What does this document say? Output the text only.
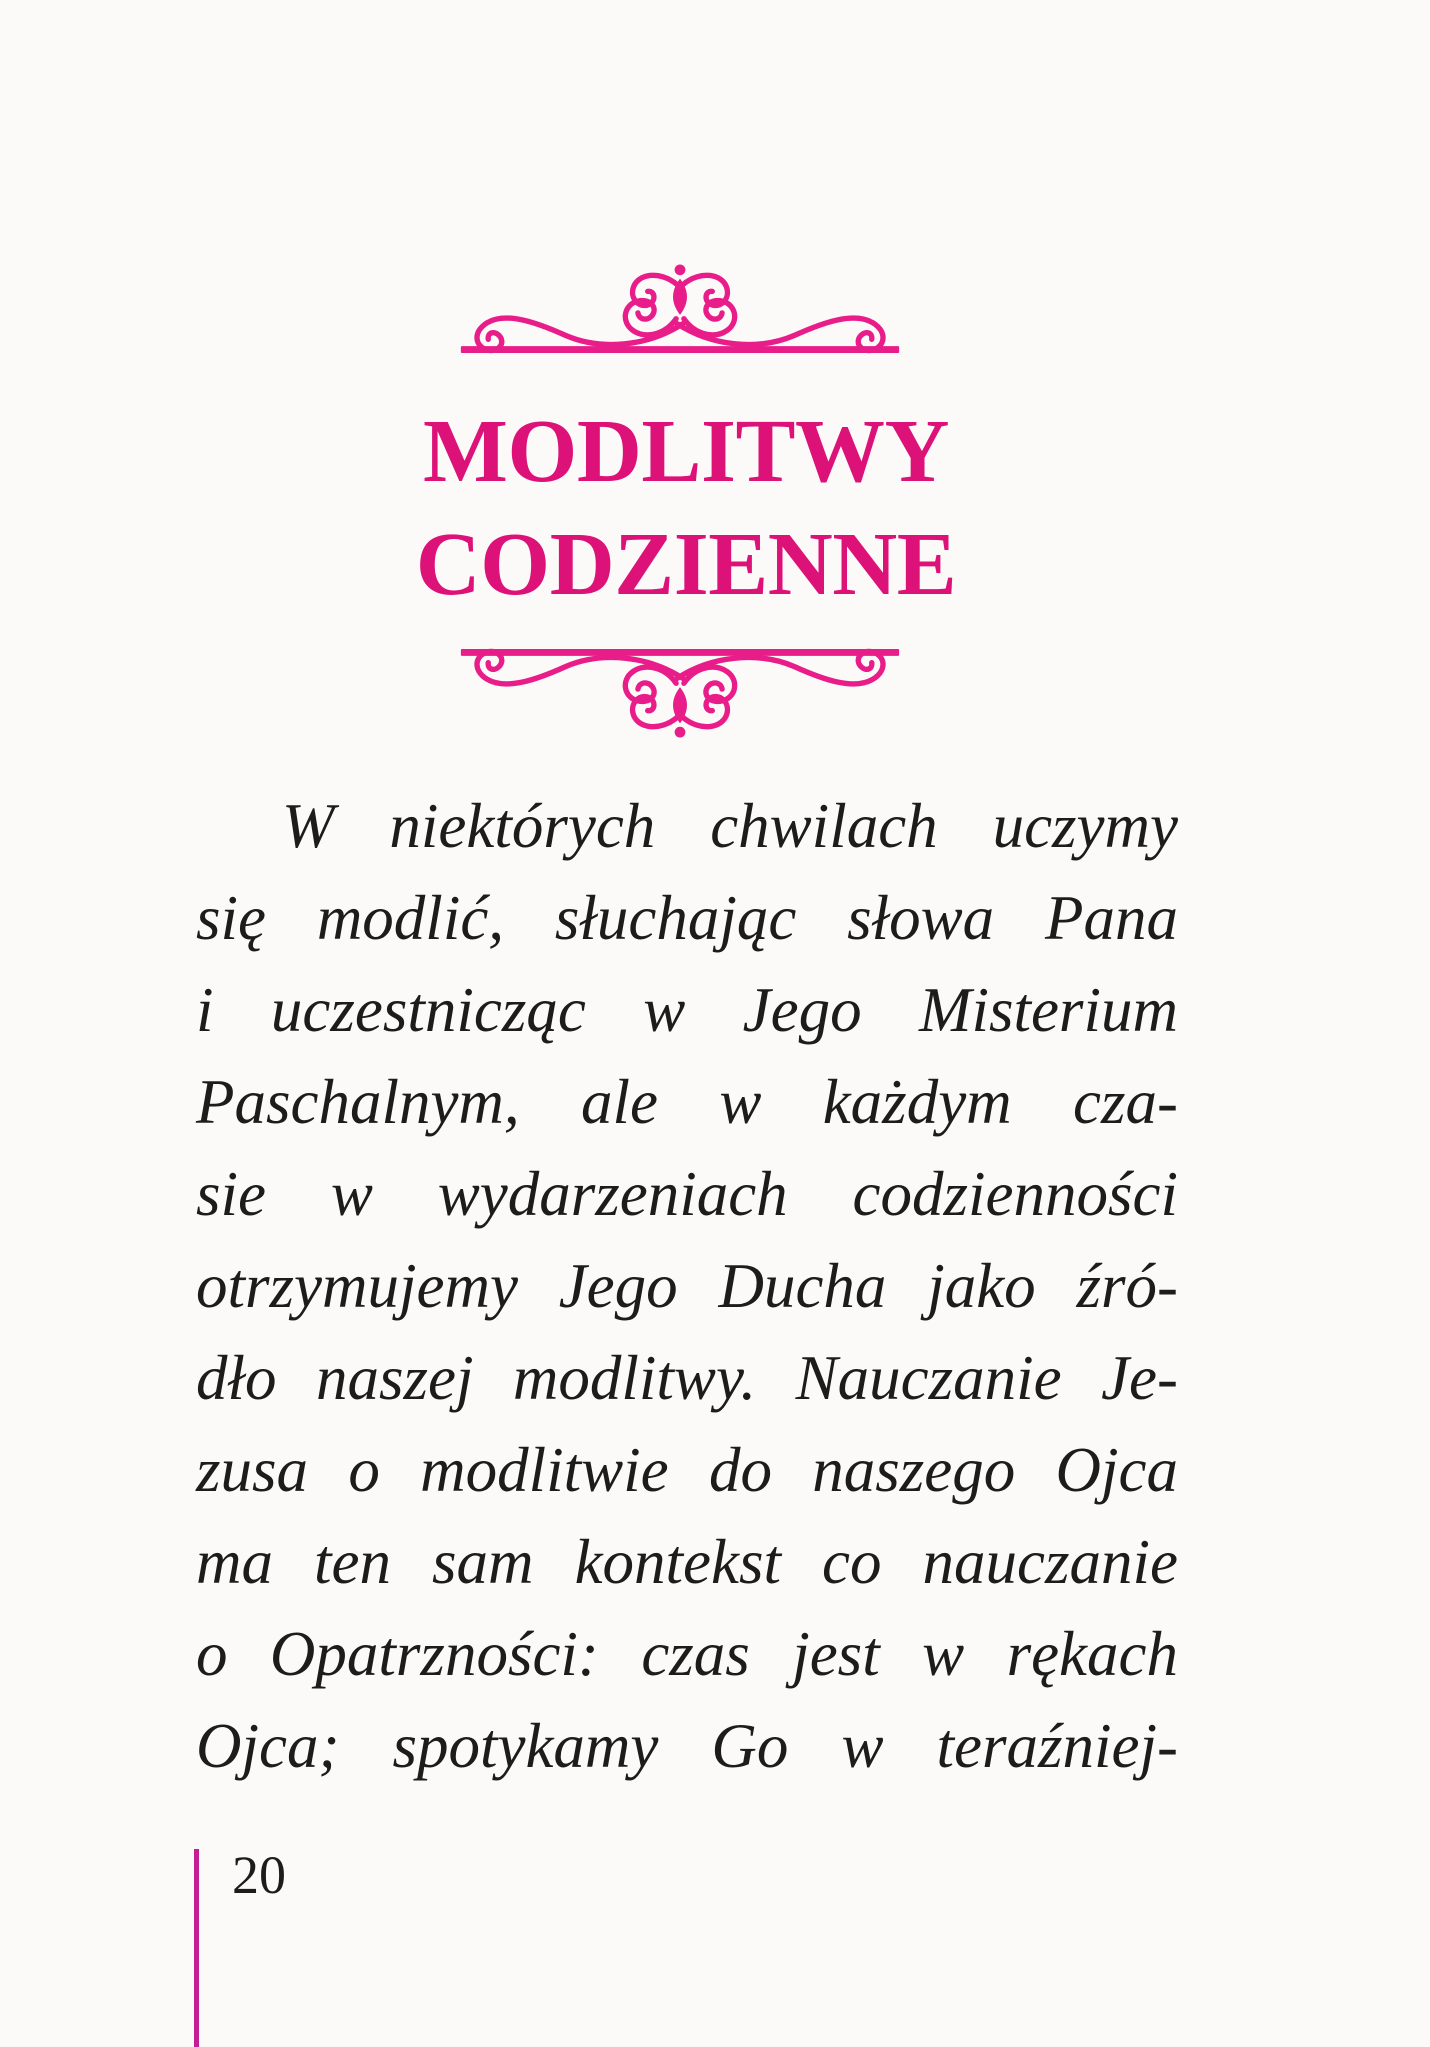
MODLITWY
CODZIENNE
W niektórych chwilach uczymy
się modlić, słuchając słowa Pana
i uczestnicząc w Jego Misterium
Paschalnym, ale w każdym cza-
sie w wydarzeniach codzienności
otrzymujemy Jego Ducha jako źró-
dło naszej modlitwy. Nauczanie Je-
zusa o modlitwie do naszego Ojca
ma ten sam kontekst co nauczanie
o Opatrzności: czas jest w rękach
Ojca; spotykamy Go w teraźniej-
20
